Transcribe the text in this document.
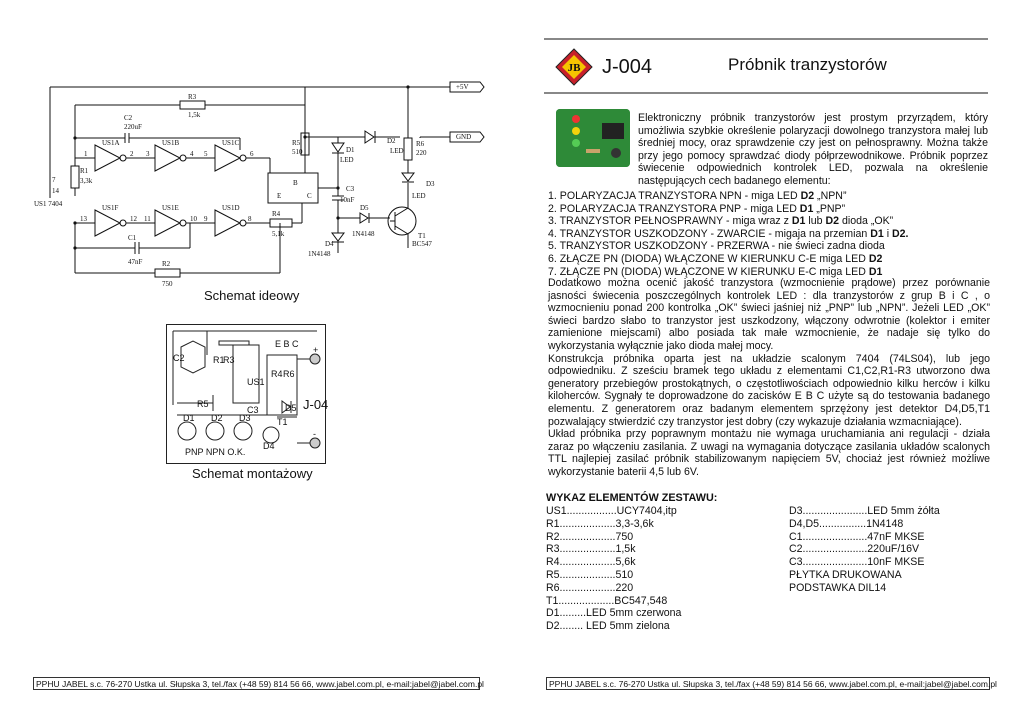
+5V
GND
R3
1,5k
C2
220uF
R1
3,3k
US1A	US1B	US1C
US1D
US1E
US1F
C1
47nF	R2
750
R4
5,1k
R5
510
R6
220
C3
10nF
D1
LED
D2
LED
D3
LED
D4
1N4148
D5
1N4148	T1
BC547
US1 7404
14
7	B
E	C
1	2 3	4 5	6
8
9
10
11
12
13
Schemat ideowy
C2	R1
R3
R5
C3
E B C
R4 R6
US1
D5
T1
D4
D1 D2 D3
J-04
+
-
PNP NPN O.K.
Schemat montażowy
PPHU JABEL s.c. 76-270 Ustka ul. Słupska 3, tel./fax (+48 59) 814 56 66, www.jabel.com.pl, e-mail:jabel@jabel.com.pl
JB J-004	Próbnik tranzystorów
Elektroniczny próbnik tranzystorów jest prostym przyrządem, który umożliwia szybkie określenie polaryzacji dowolnego tranzystora małej lub średniej mocy, oraz sprawdzenie czy jest on pełnosprawny. Można także przy jego pomocy sprawdzać diody półprzewodnikowe. Próbnik poprzez świecenie odpowiednich kontrolek LED, pozwala na określenie następujących cech badanego elementu:
1. POLARYZACJA TRANZYSTORA NPN - miga LED D2 „NPN”
2. POLARYZACJA TRANZYSTORA PNP - miga LED D1 „PNP”
3. TRANZYSTOR PEŁNOSPRAWNY - miga wraz z D1 lub D2 dioda „OK”
4. TRANZYSTOR USZKODZONY - ZWARCIE - migaja na przemian D1 i D2.
5. TRANZYSTOR USZKODZONY - PRZERWA - nie świeci zadna dioda
6. ZŁĄCZE PN (DIODA) WŁĄCZONE W KIERUNKU C-E miga LED D2
7. ZŁĄCZE PN (DIODA) WŁĄCZONE W KIERUNKU E-C miga LED D1

Dodatkowo można ocenić jakość tranzystora (wzmocnienie prądowe) przez porównanie jasności świecenia poszczególnych kontrolek LED : dla tranzystorów z grup B i C , o wzmocnieniu ponad 200 kontrolka „OK” świeci jaśniej niż „PNP” lub „NPN”. Jeżeli LED „OK” świeci bardzo słabo to tranzystor jest uszkodzony, włączony odwrotnie (kolektor i emiter zamienione miejscami) albo posiada tak małe wzmocnienie, że nadaje się tylko do wykorzystania wyłącznie jako dioda małej mocy.

Konstrukcja próbnika oparta jest na układzie scalonym 7404 (74LS04), lub jego odpowiedniku. Z sześciu bramek tego układu z elementami C1,C2,R1-R3 utworzono dwa generatory przebiegów prostokątnych, o częstotliwościach odpowiednio kilku herców i kilku kiloherców. Sygnały te doprowadzone do zacisków E B C użyte są do testowania badanego elementu. Z generatorem oraz badanym elementem sprzężony jest detektor D4,D5,T1 pozwalający stwierdzić czy tranzystor jest dobry (czy wykazuje działania wzmacniające).

Układ próbnika przy poprawnym montażu nie wymaga uruchamiania ani regulacji - działa zaraz po włączeniu zasilania. Z uwagi na wymagania dotyczące zasilania układów scalonych TTL najlepiej zasilać próbnik stabilizowanym napięciem 5V, chociaż jest również możliwe wykorzystanie baterii 4,5 lub 6V.

WYKAZ ELEMENTÓW ZESTAWU:
US1.................UCY7404,itp
R1...................3,3-3,6k
R2...................750
R3...................1,5k
R4...................5,6k
R5...................510
R6...................220
T1...................BC547,548
D1.........LED 5mm czerwona
D2........ LED 5mm zielona
D3......................LED 5mm żółta
D4,D5................1N4148
C1......................47nF MKSE
C2......................220uF/16V
C3......................10nF MKSE
PŁYTKA DRUKOWANA
PODSTAWKA DIL14
PPHU JABEL s.c. 76-270 Ustka ul. Słupska 3, tel./fax (+48 59) 814 56 66, www.jabel.com.pl, e-mail:jabel@jabel.com.pl
